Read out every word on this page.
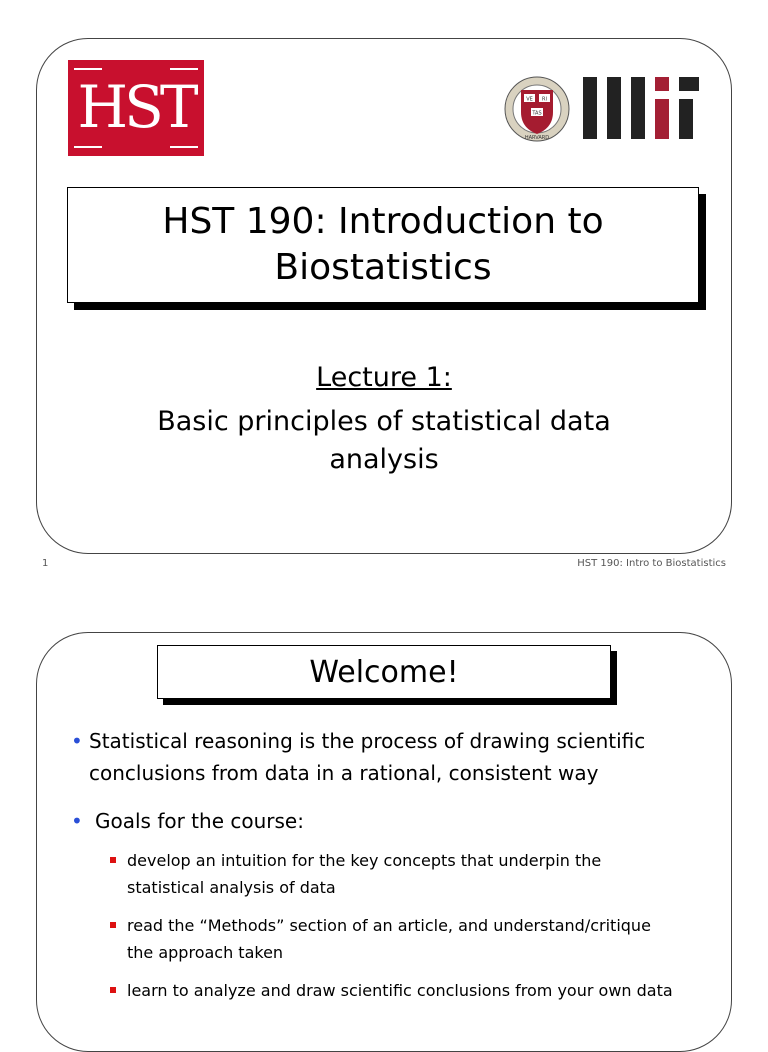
HST	VE RI
TAS
HARVARD
HST 190: Introduction to Biostatistics
Lecture 1:
Basic principles of statistical data analysis
1	HST 190: Intro to Biostatistics
Welcome!
• Statistical reasoning is the process of drawing scientific conclusions from data in a rational, consistent way
• Goals for the course:
develop an intuition for the key concepts that underpin the statistical analysis of data
read the “Methods” section of an article, and understand/critique the approach taken
learn to analyze and draw scientific conclusions from your own data
